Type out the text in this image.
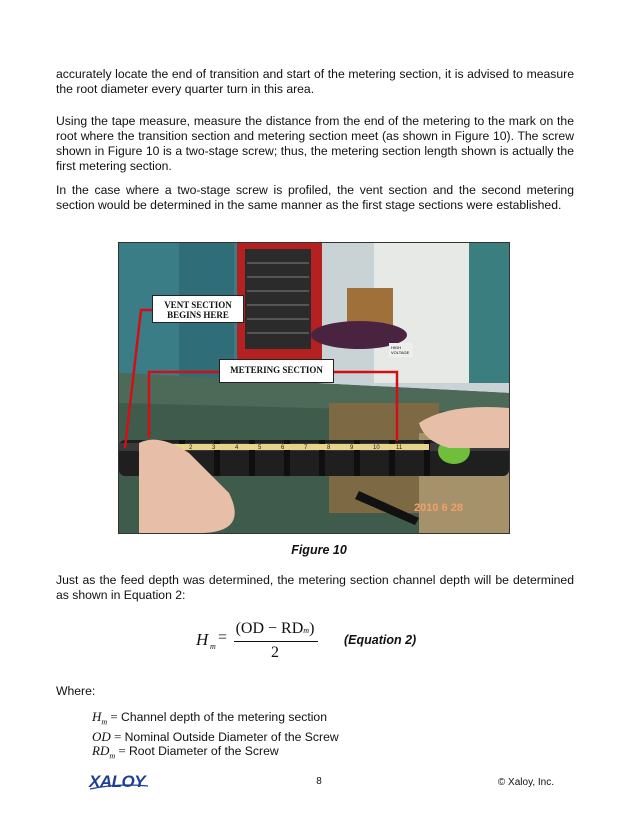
accurately locate the end of transition and start of the metering section, it is advised to measure the root diameter every quarter turn in this area.

Using the tape measure, measure the distance from the end of the metering to the mark on the root where the transition section and metering section meet (as shown in Figure 10). The screw shown in Figure 10 is a two-stage screw; thus, the metering section length shown is actually the first metering section.

In the case where a two-stage screw is profiled, the vent section and the second metering section would be determined in the same manner as the first stage sections were established.

HIGH
VOLTAGE
2	3	4	5	6	7	8	9	10	11
2010 6 28
VENT SECTION
BEGINS HERE
METERING SECTION
Figure 10

Just as the feed depth was determined, the metering section channel depth will be determined as shown in Equation 2:

H m
=
(OD − RDm)
2
(Equation 2)
Where:
$H_m$ = Channel depth of the metering section
OD = Nominal Outside Diameter of the Screw
$RD_m$ = Root Diameter of the Screw
XALOY	8	© Xaloy, Inc.
